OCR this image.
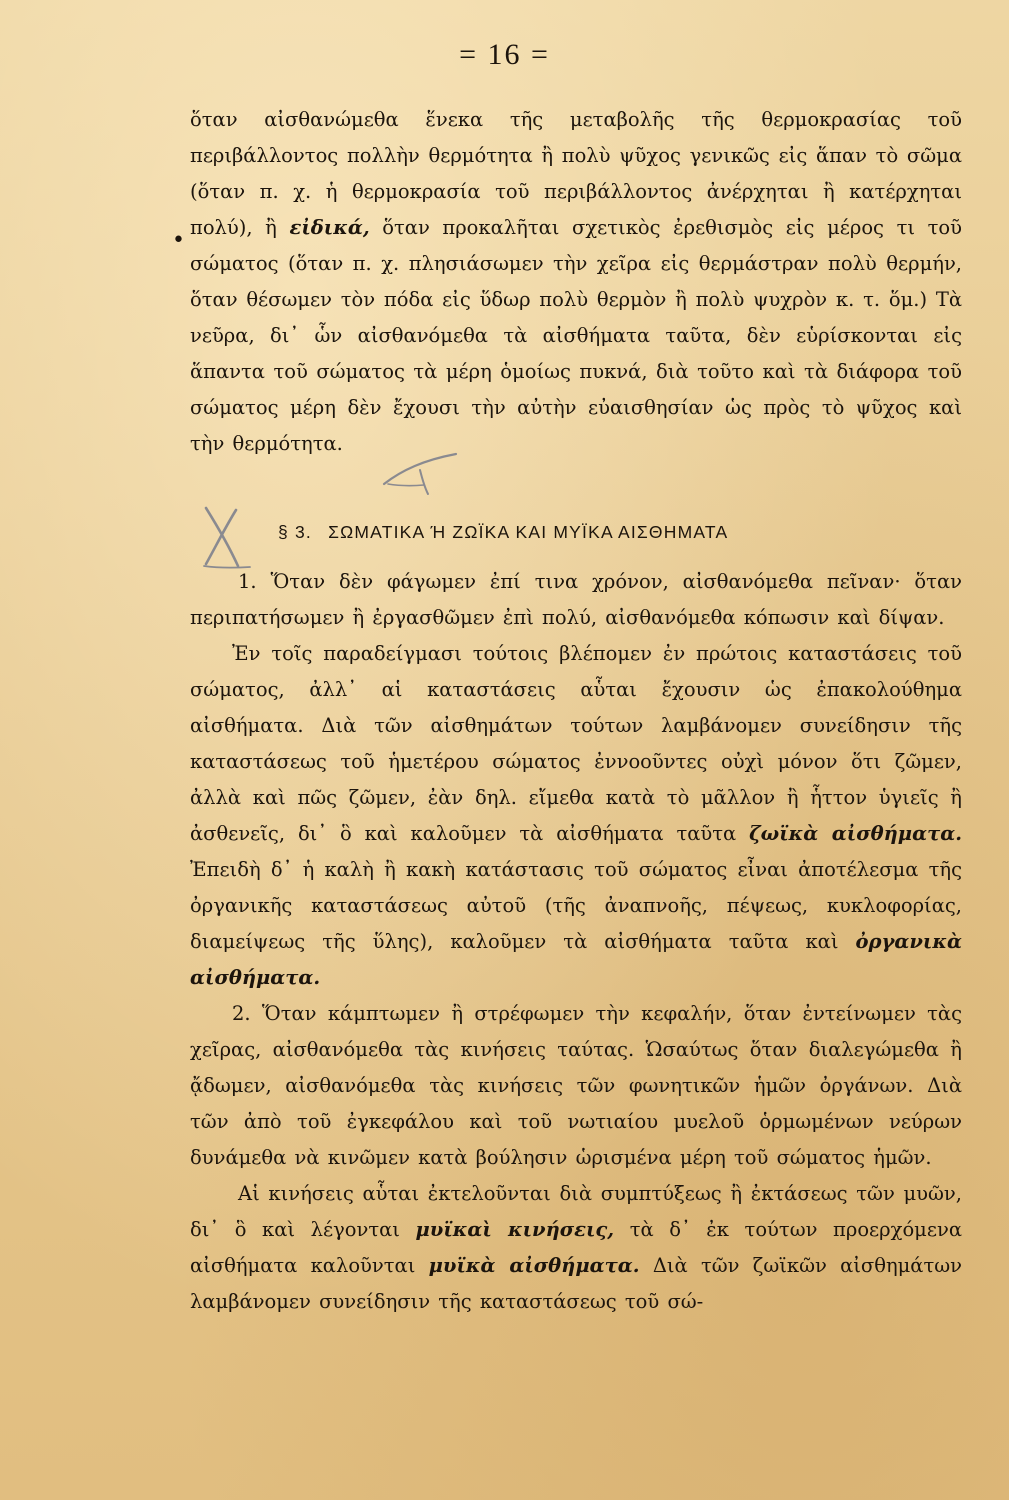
= 16 =
•

ὅταν αἰσθανώμεθα ἕνεκα τῆς μεταβολῆς τῆς θερμοκρασίας τοῦ περιβάλλοντος πολλὴν θερμότητα ἢ πολὺ ψῦχος γενικῶς εἰς ἅπαν τὸ σῶμα (ὅταν π. χ. ἡ θερμοκρασία τοῦ περιβάλλοντος ἀνέρχηται ἢ κατέρχηται πολύ), ἢ εἰδικά, ὅταν προκαλῆται σχετικὸς ἐρεθισμὸς εἰς μέρος τι τοῦ σώματος (ὅταν π. χ. πλησιάσωμεν τὴν χεῖρα εἰς θερμάστραν πολὺ θερμήν, ὅταν θέσωμεν τὸν πόδα εἰς ὕδωρ πολὺ θερμὸν ἢ πολὺ ψυχρὸν κ. τ. ὅμ.) Τὰ νεῦρα, δι᾽ ὧν αἰσθανόμεθα τὰ αἰσθήματα ταῦτα, δὲν εὑρίσκονται εἰς ἅπαντα τοῦ σώματος τὰ μέρη ὁμοίως πυκνά, διὰ τοῦτο καὶ τὰ διάφορα τοῦ σώματος μέρη δὲν ἔχουσι τὴν αὐτὴν εὐαισθησίαν ὡς πρὸς τὸ ψῦχος καὶ τὴν θερμότητα.

§ 3. ΣΩΜΑΤΙΚΑ Ή ΖΩΪΚΑ ΚΑΙ ΜΥΪΚΑ ΑΙΣΘΗΜΑΤΑ

1. Ὅταν δὲν φάγωμεν ἐπί τινα χρόνον, αἰσθανόμεθα πεῖναν· ὅταν περιπατήσωμεν ἢ ἐργασθῶμεν ἐπὶ πολύ, αἰσθανόμεθα κόπωσιν καὶ δίψαν.

Ἐν τοῖς παραδείγμασι τούτοις βλέπομεν ἐν πρώτοις καταστάσεις τοῦ σώματος, ἀλλ᾽ αἱ καταστάσεις αὗται ἔχουσιν ὡς ἐπακολούθημα αἰσθήματα. Διὰ τῶν αἰσθημάτων τούτων λαμβάνομεν συνείδησιν τῆς καταστάσεως τοῦ ἡμετέρου σώματος ἐννοοῦντες οὐχὶ μόνον ὅτι ζῶμεν, ἀλλὰ καὶ πῶς ζῶμεν, ἐὰν δηλ. εἴμεθα κατὰ τὸ μᾶλλον ἢ ἧττον ὑγιεῖς ἢ ἀσθενεῖς, δι᾽ ὃ καὶ καλοῦμεν τὰ αἰσθήματα ταῦτα ζωϊκὰ αἰσθήματα. Ἐπειδὴ δ᾽ ἡ καλὴ ἢ κακὴ κατάστασις τοῦ σώματος εἶναι ἀποτέλεσμα τῆς ὀργανικῆς καταστάσεως αὐτοῦ (τῆς ἀναπνοῆς, πέψεως, κυκλοφορίας, διαμείψεως τῆς ὕλης), καλοῦμεν τὰ αἰσθήματα ταῦτα καὶ ὀργανικὰ αἰσθήματα.

2. Ὅταν κάμπτωμεν ἢ στρέφωμεν τὴν κεφαλήν, ὅταν ἐντείνωμεν τὰς χεῖρας, αἰσθανόμεθα τὰς κινήσεις ταύτας. Ὡσαύτως ὅταν διαλεγώμεθα ἢ ᾄδωμεν, αἰσθανόμεθα τὰς κινήσεις τῶν φωνητικῶν ἡμῶν ὀργάνων. Διὰ τῶν ἀπὸ τοῦ ἐγκεφάλου καὶ τοῦ νωτιαίου μυελοῦ ὁρμωμένων νεύρων δυνάμεθα νὰ κινῶμεν κατὰ βούλησιν ὡρισμένα μέρη τοῦ σώματος ἡμῶν.

Αἱ κινήσεις αὗται ἐκτελοῦνται διὰ συμπτύξεως ἢ ἐκτάσεως τῶν μυῶν, δι᾽ ὃ καὶ λέγονται μυϊκαὶ κινήσεις, τὰ δ᾽ ἐκ τούτων προερχόμενα αἰσθήματα καλοῦνται μυϊκὰ αἰσθήματα. Διὰ τῶν ζωϊκῶν αἰσθημάτων λαμβάνομεν συνείδησιν τῆς καταστάσεως τοῦ σώ-
